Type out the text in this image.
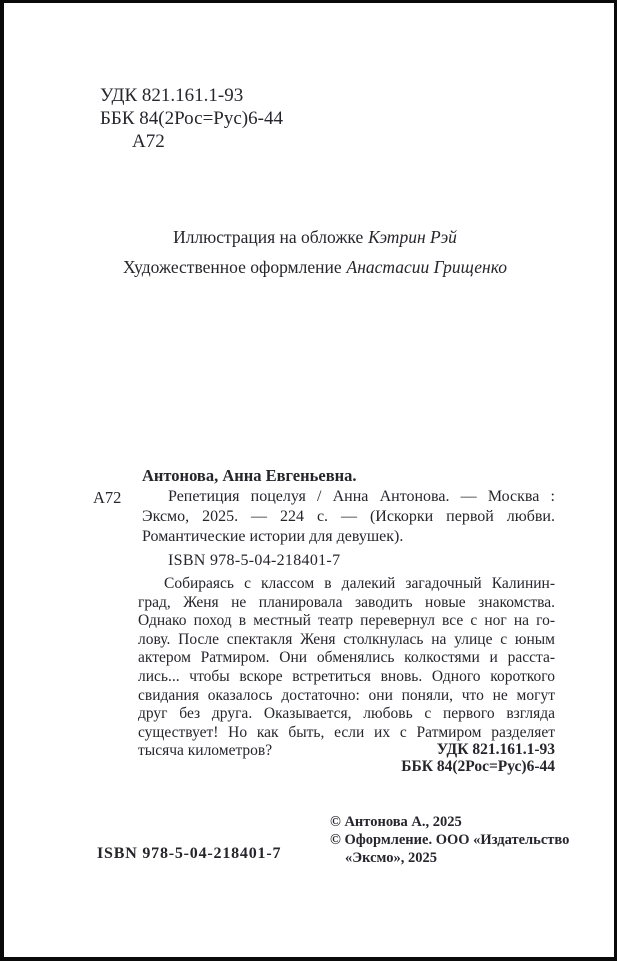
УДК 821.161.1-93
ББК 84(2Рос=Рус)6-44
А72
Иллюстрация на обложке Кэтрин Рэй
Художественное оформление Анастасии Грищенко
Антонова, Анна Евгеньевна.
А72	Репетиция поцелуя / Анна Антонова. — Москва :
Эксмо, 2025. — 224 с. — (Искорки первой любви.
Романтические истории для девушек).
ISBN 978-5-04-218401-7
Собираясь с классом в далекий загадочный Калинин-
град, Женя не планировала заводить новые знакомства.
Однако поход в местный театр перевернул все с ног на го-
лову. После спектакля Женя столкнулась на улице с юным
актером Ратмиром. Они обменялись колкостями и расста-
лись... чтобы вскоре встретиться вновь. Одного короткого
свидания оказалось достаточно: они поняли, что не могут
друг без друга. Оказывается, любовь с первого взгляда
существует! Но как быть, если их с Ратмиром разделяет
тысяча километров?	УДК 821.161.1-93
ББК 84(2Рос=Рус)6-44
ISBN 978-5-04-218401-7
© Антонова А., 2025
© Оформление. ООО «Издательство
«Эксмо», 2025
